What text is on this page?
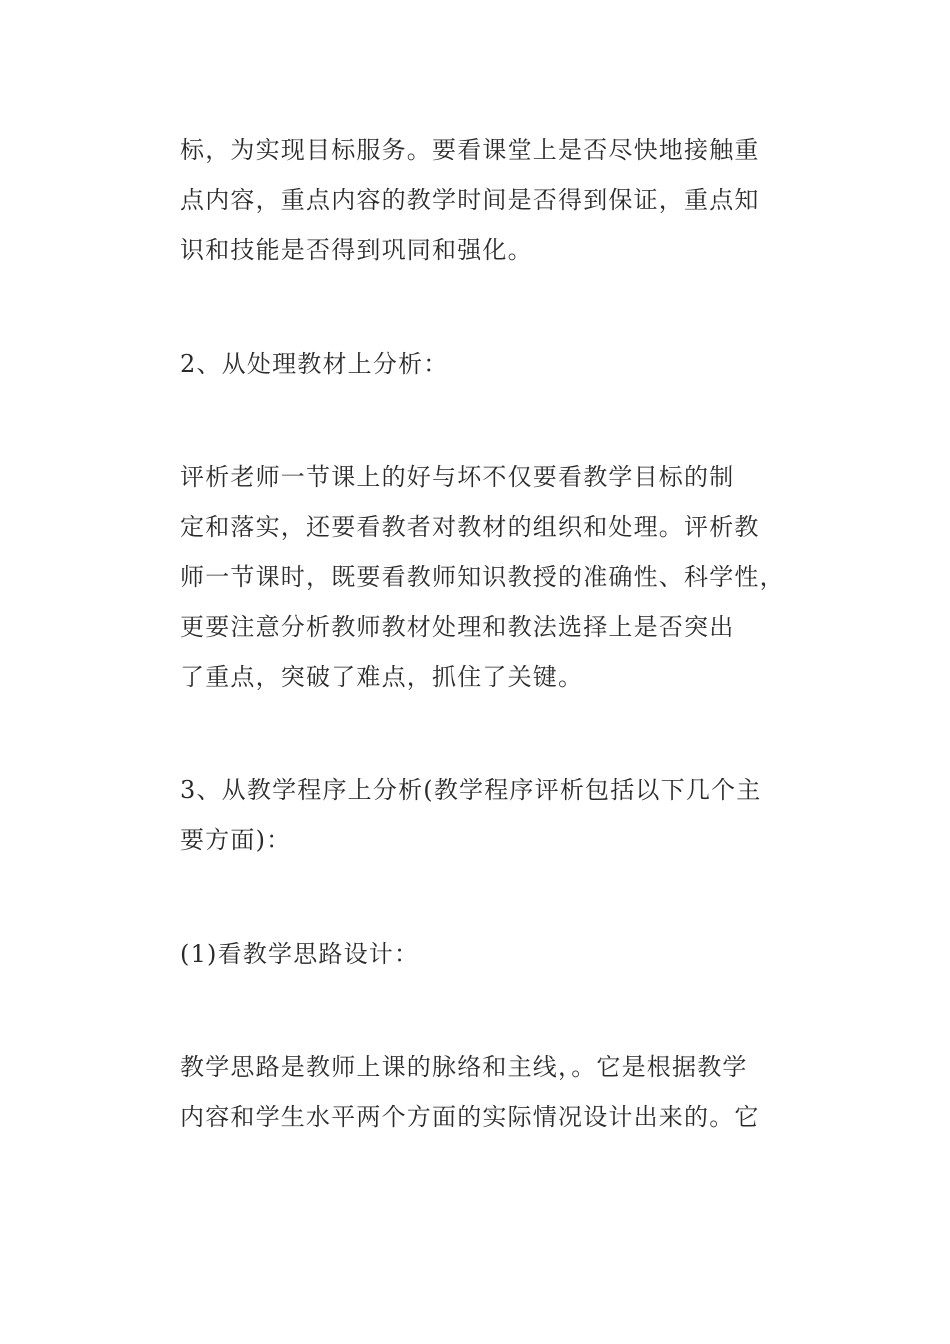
标，为实现目标服务。要看课堂上是否尽快地接触重
点内容，重点内容的教学时间是否得到保证，重点知
识和技能是否得到巩同和强化。
2、从处理教材上分析：
评析老师一节课上的好与坏不仅要看教学目标的制
定和落实，还要看教者对教材的组织和处理。评析教
师一节课时，既要看教师知识教授的准确性、科学性，
更要注意分析教师教材处理和教法选择上是否突出
了重点，突破了难点，抓住了关键。
3、从教学程序上分析(教学程序评析包括以下几个主
要方面)：
(1)看教学思路设计：
教学思路是教师上课的脉络和主线，。它是根据教学
内容和学生水平两个方面的实际情况设计出来的。它
